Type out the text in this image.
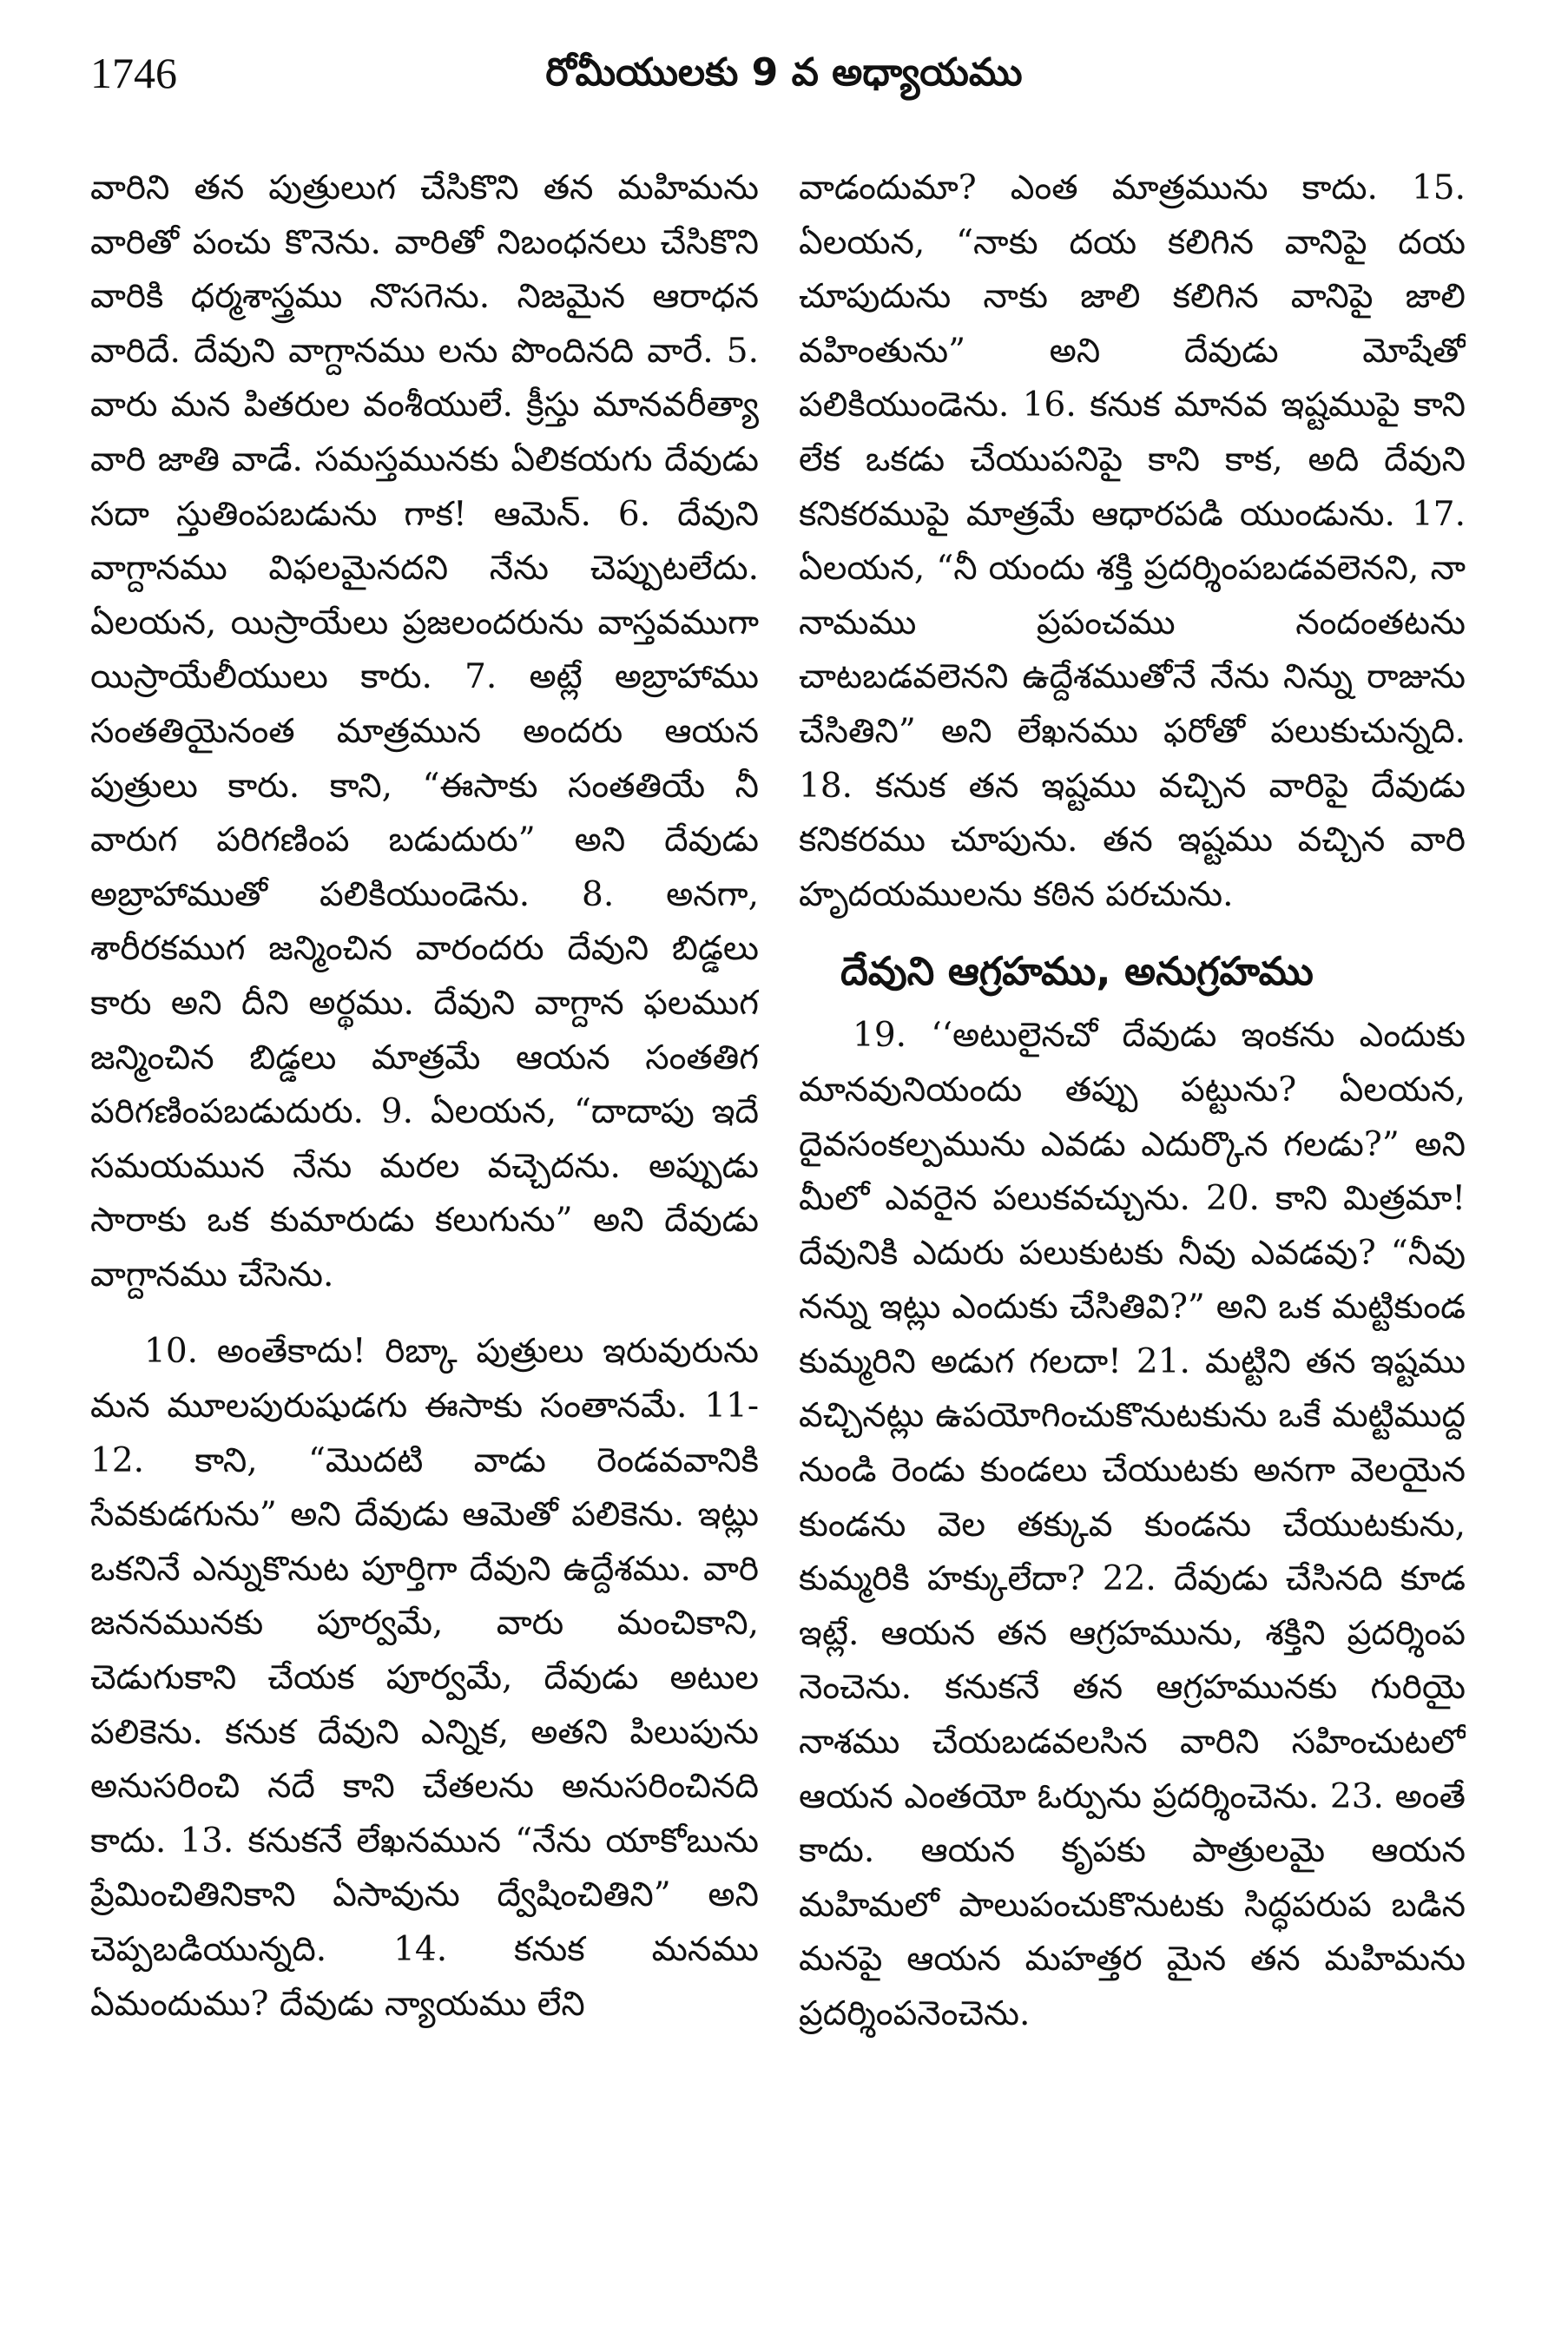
1746	రోమీయులకు 9 వ అధ్యాయము

వారిని తన పుత్రులుగ చేసికొని తన మహిమను వారితో పంచు కొనెను. వారితో నిబంధనలు చేసికొని వారికి ధర్మశాస్త్రము నొసగెను. నిజమైన ఆరాధన వారిదే. దేవుని వాగ్దానము లను పొందినది వారే. 5. వారు మన పితరుల వంశీయులే. క్రీస్తు మానవరీత్యా వారి జాతి వాడే. సమస్తమునకు ఏలికయగు దేవుడు సదా స్తుతింపబడును గాక! ఆమెన్. 6. దేవుని వాగ్దానము విఫలమైనదని నేను చెప్పుటలేదు. ఏలయన, యిస్రాయేలు ప్రజలందరును వాస్తవముగా యిస్రాయేలీయులు కారు. 7. అట్లే అబ్రాహాము సంతతియైనంత మాత్రమున అందరు ఆయన పుత్రులు కారు. కాని, “ఈసాకు సంతతియే నీ వారుగ పరిగణింప బడుదురు” అని దేవుడు అబ్రాహాముతో పలికియుండెను. 8. అనగా, శారీరకముగ జన్మించిన వారందరు దేవుని బిడ్డలు కారు అని దీని అర్థము. దేవుని వాగ్దాన ఫలముగ జన్మించిన బిడ్డలు మాత్రమే ఆయన సంతతిగ పరిగణింపబడుదురు. 9. ఏలయన, “దాదాపు ఇదే సమయమున నేను మరల వచ్చెదను. అప్పుడు సారాకు ఒక కుమారుడు కలుగును” అని దేవుడు వాగ్దానము చేసెను.

10. అంతేకాదు! రిబ్కా పుత్రులు ఇరువురును మన మూలపురుషుడగు ఈసాకు సంతానమే. 11-12. కాని, “మొదటి వాడు రెండవవానికి సేవకుడగును” అని దేవుడు ఆమెతో పలికెను. ఇట్లు ఒకనినే ఎన్నుకొనుట పూర్తిగా దేవుని ఉద్దేశము. వారి జననమునకు పూర్వమే, వారు మంచికాని, చెడుగుకాని చేయక పూర్వమే, దేవుడు అటుల పలికెను. కనుక దేవుని ఎన్నిక, అతని పిలుపును అనుసరించి నదే కాని చేతలను అనుసరించినది కాదు. 13. కనుకనే లేఖనమున “నేను యాకోబును ప్రేమించితినికాని ఏసావును ద్వేషించితిని” అని చెప్పబడియున్నది. 14. కనుక మనము ఏమందుము? దేవుడు న్యాయము లేని

వాడందుమా? ఎంత మాత్రమును కాదు. 15. ఏలయన, “నాకు దయ కలిగిన వానిపై దయ చూపుదును నాకు జాలి కలిగిన వానిపై జాలి వహింతును” అని దేవుడు మోషేతో పలికియుండెను. 16. కనుక మానవ ఇష్టముపై కాని లేక ఒకడు చేయుపనిపై కాని కాక, అది దేవుని కనికరముపై మాత్రమే ఆధారపడి యుండును. 17. ఏలయన, “నీ యందు శక్తి ప్రదర్శింపబడవలెనని, నా నామము ప్రపంచము నందంతటను చాటబడవలెనని ఉద్దేశముతోనే నేను నిన్ను రాజును చేసితిని” అని లేఖనము ఫరోతో పలుకుచున్నది. 18. కనుక తన ఇష్టము వచ్చిన వారిపై దేవుడు కనికరము చూపును. తన ఇష్టము వచ్చిన వారి హృదయములను కఠిన పరచును.

దేవుని ఆగ్రహము, అనుగ్రహము

19. ‘‘అటులైనచో దేవుడు ఇంకను ఎందుకు మానవునియందు తప్పు పట్టును? ఏలయన, దైవసంకల్పమును ఎవడు ఎదుర్కొన గలడు?” అని మీలో ఎవరైన పలుకవచ్చును. 20. కాని మిత్రమా! దేవునికి ఎదురు పలుకుటకు నీవు ఎవడవు? “నీవు నన్ను ఇట్లు ఎందుకు చేసితివి?” అని ఒక మట్టికుండ కుమ్మరిని అడుగ గలదా! 21. మట్టిని తన ఇష్టము వచ్చినట్లు ఉపయోగించుకొనుటకును ఒకే మట్టిముద్ద నుండి రెండు కుండలు చేయుటకు అనగా వెలయైన కుండను వెల తక్కువ కుండను చేయుటకును, కుమ్మరికి హక్కులేదా? 22. దేవుడు చేసినది కూడ ఇట్లే. ఆయన తన ఆగ్రహమును, శక్తిని ప్రదర్శింప నెంచెను. కనుకనే తన ఆగ్రహమునకు గురియై నాశము చేయబడవలసిన వారిని సహించుటలో ఆయన ఎంతయో ఓర్పును ప్రదర్శించెను. 23. అంతే కాదు. ఆయన కృపకు పాత్రులమై ఆయన మహిమలో పాలుపంచుకొనుటకు సిద్ధపరుప బడిన మనపై ఆయన మహత్తర మైన తన మహిమను ప్రదర్శింపనెంచెను.
